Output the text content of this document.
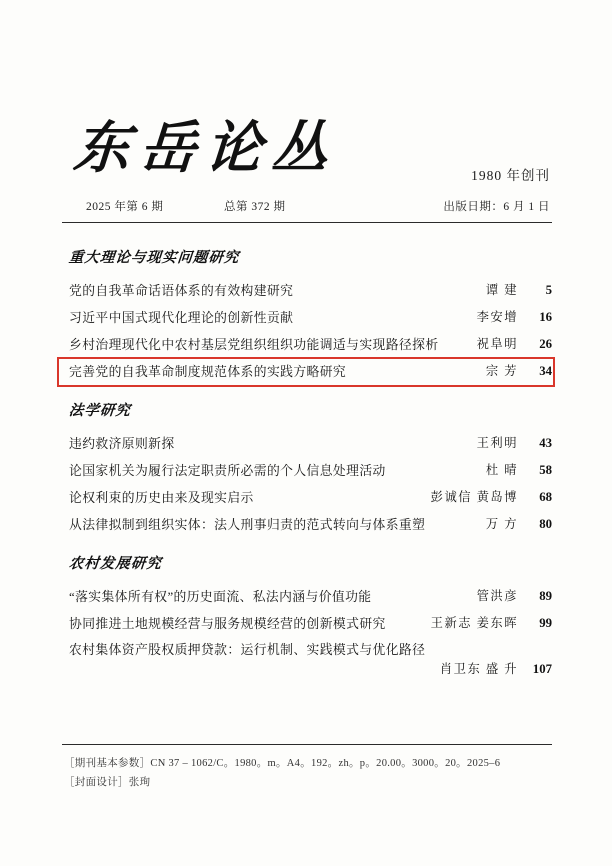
东岳论丛	1980 年创刊
2025 年第 6 期	总第 372 期	出版日期：6 月 1 日
重大理论与现实问题研究
党的自我革命话语体系的有效构建研究	谭 建	5
习近平中国式现代化理论的创新性贡献	李安增	16
乡村治理现代化中农村基层党组织组织功能调适与实现路径探析	祝阜明	26
完善党的自我革命制度规范体系的实践方略研究	宗 芳	34
法学研究
违约救济原则新探	王利明	43
论国家机关为履行法定职责所必需的个人信息处理活动	杜 晴	58
论权利束的历史由来及现实启示	彭诚信 黄岛博	68
从法律拟制到组织实体：法人刑事归责的范式转向与体系重塑	万 方	80
农村发展研究
“落实集体所有权”的历史面流、私法内涵与价值功能	管洪彦	89
协同推进土地规模经营与服务规模经营的创新模式研究	王新志 姜东晖	99
农村集体资产股权质押贷款：运行机制、实践模式与优化路径
肖卫东 盛 升	107
［期刊基本参数］CN 37 – 1062/C。1980。m。A4。192。zh。p。20.00。3000。20。2025–6
［封面设计］张珣
